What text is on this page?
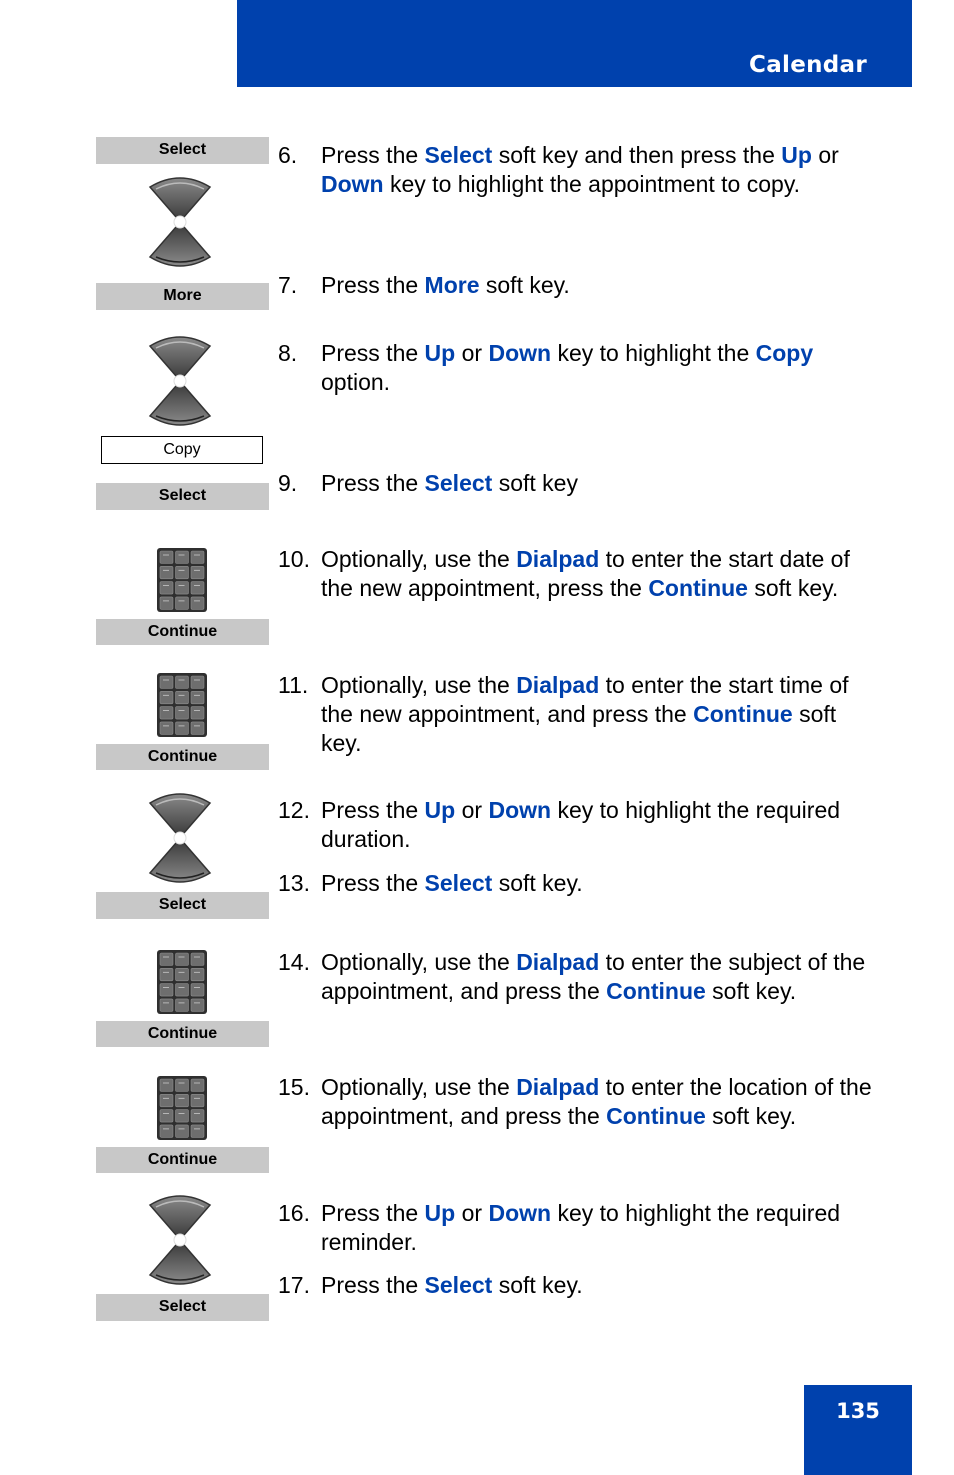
Calendar
Select
More
Copy
Select
Continue
Continue
Select
Continue
Continue
Select
6. Press the Select soft key and then press the Up or Down key to highlight the appointment to copy.
7. Press the More soft key.
8. Press the Up or Down key to highlight the Copy option.
9. Press the Select soft key
10. Optionally, use the Dialpad to enter the start date of the new appointment, press the Continue soft key.
11. Optionally, use the Dialpad to enter the start time of the new appointment, and press the Continue soft key.
12. Press the Up or Down key to highlight the required duration.
13. Press the Select soft key.
14. Optionally, use the Dialpad to enter the subject of the appointment, and press the Continue soft key.
15. Optionally, use the Dialpad to enter the location of the appointment, and press the Continue soft key.
16. Press the Up or Down key to highlight the required reminder.
17. Press the Select soft key.
135
